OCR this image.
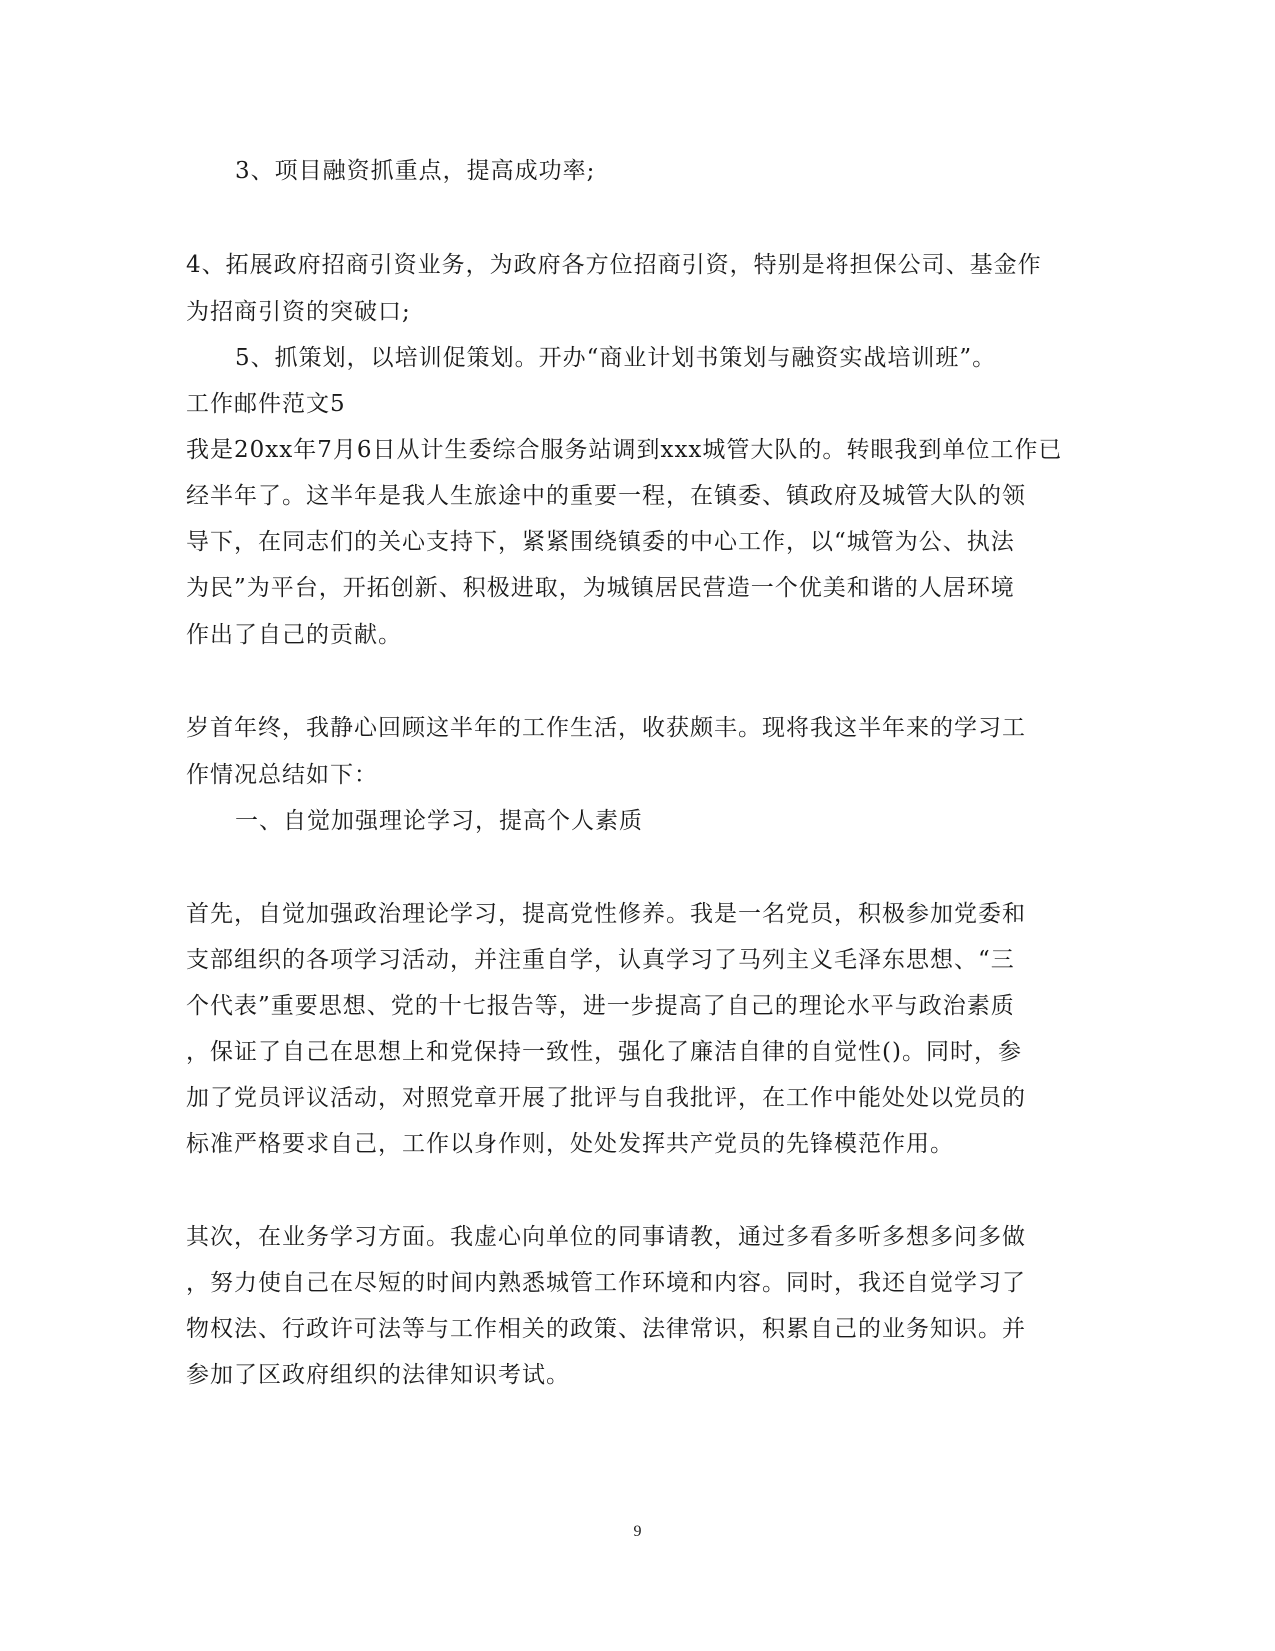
3、项目融资抓重点，提高成功率;
4、拓展政府招商引资业务，为政府各方位招商引资，特别是将担保公司、基金作
为招商引资的突破口;
5、抓策划，以培训促策划。开办“商业计划书策划与融资实战培训班”。
工作邮件范文5
我是20xx年7月6日从计生委综合服务站调到xxx城管大队的。转眼我到单位工作已
经半年了。这半年是我人生旅途中的重要一程，在镇委、镇政府及城管大队的领
导下，在同志们的关心支持下，紧紧围绕镇委的中心工作，以“城管为公、执法
为民”为平台，开拓创新、积极进取，为城镇居民营造一个优美和谐的人居环境
作出了自己的贡献。
岁首年终，我静心回顾这半年的工作生活，收获颇丰。现将我这半年来的学习工
作情况总结如下：
一、自觉加强理论学习，提高个人素质
首先，自觉加强政治理论学习，提高党性修养。我是一名党员，积极参加党委和
支部组织的各项学习活动，并注重自学，认真学习了马列主义毛泽东思想、“三
个代表”重要思想、党的十七报告等，进一步提高了自己的理论水平与政治素质
，保证了自己在思想上和党保持一致性，强化了廉洁自律的自觉性()。同时，参
加了党员评议活动，对照党章开展了批评与自我批评，在工作中能处处以党员的
标准严格要求自己，工作以身作则，处处发挥共产党员的先锋模范作用。
其次，在业务学习方面。我虚心向单位的同事请教，通过多看多听多想多问多做
，努力使自己在尽短的时间内熟悉城管工作环境和内容。同时，我还自觉学习了
物权法、行政许可法等与工作相关的政策、法律常识，积累自己的业务知识。并
参加了区政府组织的法律知识考试。
9
